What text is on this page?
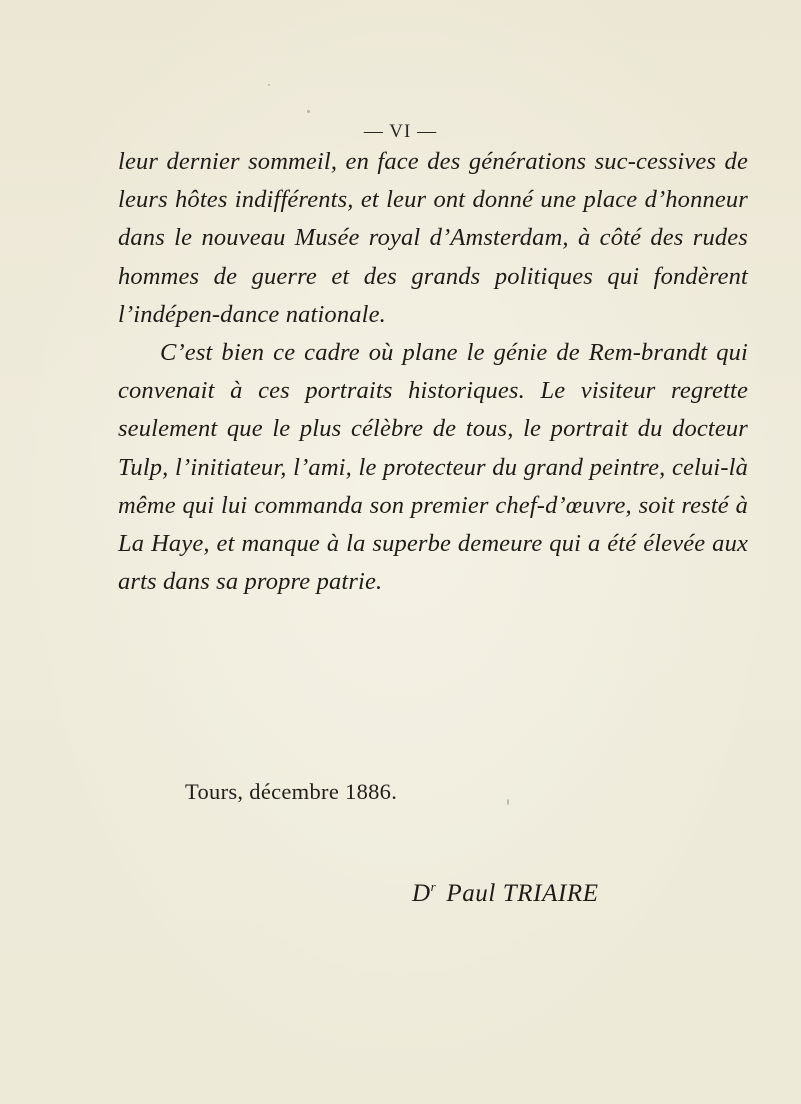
— VI —

leur dernier sommeil, en face des générations suc-cessives de leurs hôtes indifférents, et leur ont donné une place d’honneur dans le nouveau Musée royal d’Amsterdam, à côté des rudes hommes de guerre et des grands politiques qui fondèrent l’indépen-dance nationale.

C’est bien ce cadre où plane le génie de Rem-brandt qui convenait à ces portraits historiques. Le visiteur regrette seulement que le plus célèbre de tous, le portrait du docteur Tulp, l’initiateur, l’ami, le protecteur du grand peintre, celui-là même qui lui commanda son premier chef-d’œuvre, soit resté à La Haye, et manque à la superbe demeure qui a été élevée aux arts dans sa propre patrie.

Tours, décembre 1886.
$D^r$ Paul TRIAIRE
